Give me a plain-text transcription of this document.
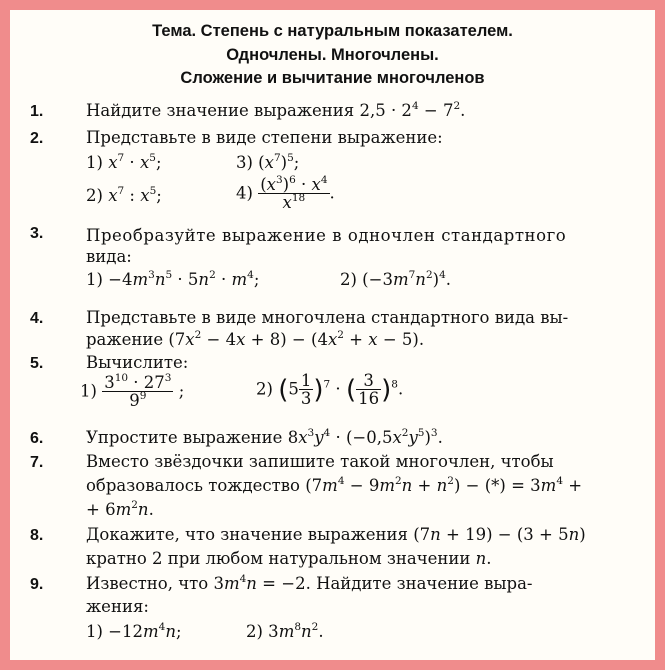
Тема. Степень с натуральным показателем.
Одночлены. Многочлены.
Сложение и вычитание многочленов
1.	Найдите значение выражения $2,5 \cdot 2^4 - 7^2$.
2.	Представьте в виде степени выражение:
1) $x^7 \cdot x^5$;	3) $(x^7)^5$;
2) $x^7$ : $x^5$;	$4) \frac{(x^3)^6 \cdot x^4}{x^{18}}$ .
3.	Преобразуйте выражение в одночлен стандартного
вида:
$1) -4m^3n^5 \cdot 5n^2 \cdot m^4$;	2) $(-3m^7n^2)^4$.
4.	Представьте в виде многочлена стандартного вида вы-
ражение $(7x^2 - 4x + 8) - (4x^2 + x - 5)$.
5.	Вычислите:
$1) \frac{3^{10} \cdot 27^3}{9^9}$ ;	2) $(5 \frac{1}{3} )^7$ · ( $\frac{3}{16} )^8$.
6.	Упростите выражение $8x^3y^4 \cdot (-0,5x^2y^5)^3$.
7.	Вместо звёздочки запишите такой многочлен, чтобы
образовалось тождество $(7m^4 - 9m^2n + n^2)$ − (*) = $3m^4$ +
+ $6m^2n$.
8.	Докажите, что значение выражения (7n + 19) − (3 + 5n)
кратно 2 при любом натуральном значении n.
9.	Известно, что $3m^4n = -2$. Найдите значение выра-
жения:
$1) -12m^4n$;	2) $3m^8n^2$.
